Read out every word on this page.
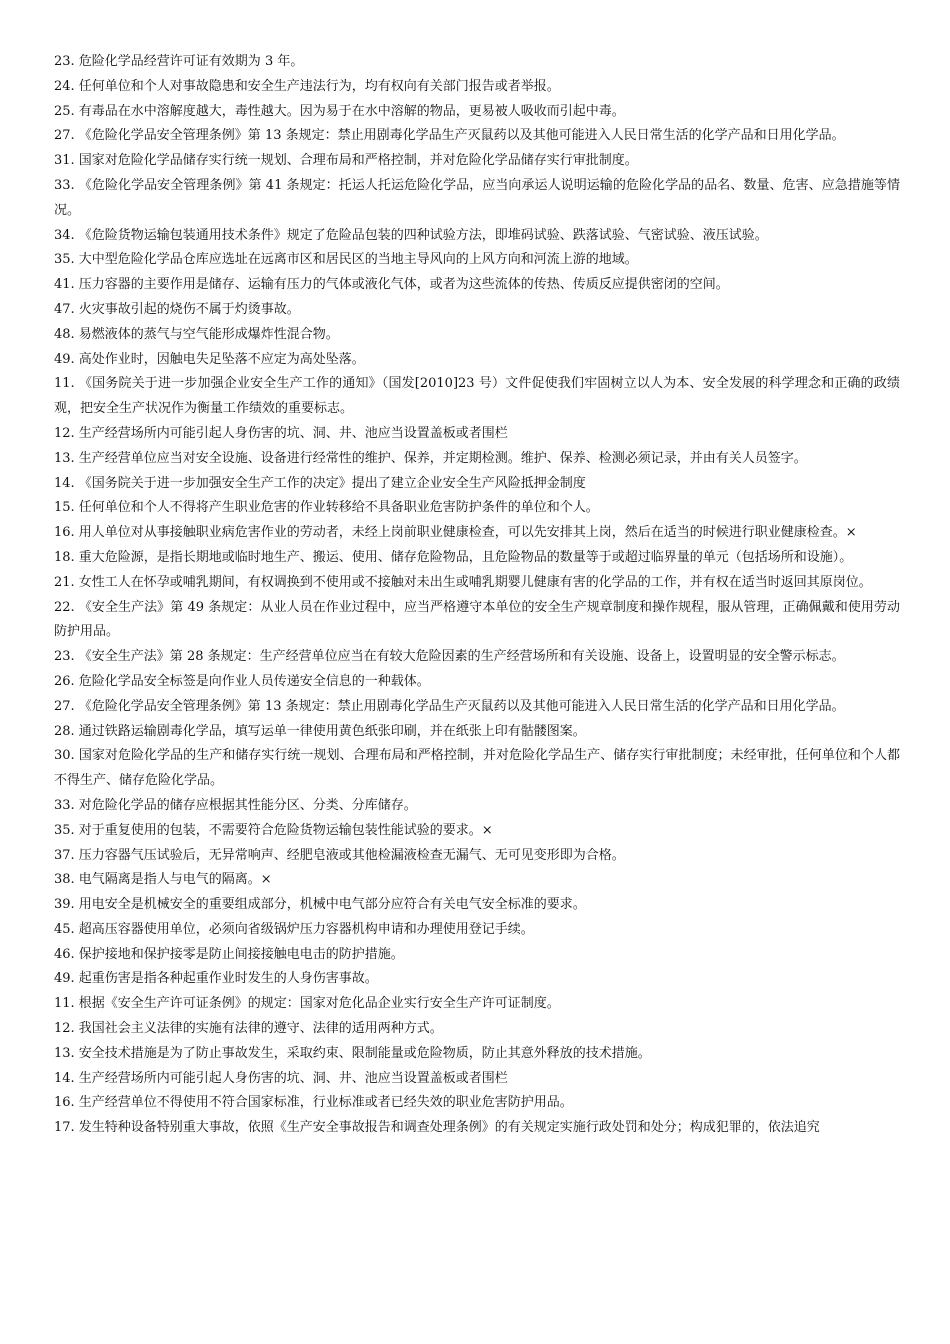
23. 危险化学品经营许可证有效期为 3 年。

24. 任何单位和个人对事故隐患和安全生产违法行为，均有权向有关部门报告或者举报。

25. 有毒品在水中溶解度越大，毒性越大。因为易于在水中溶解的物品，更易被人吸收而引起中毒。

27. 《危险化学品安全管理条例》第 13 条规定：禁止用剧毒化学品生产灭鼠药以及其他可能进入人民日常生活的化学产品和日用化学品。

31. 国家对危险化学品储存实行统一规划、合理布局和严格控制，并对危险化学品储存实行审批制度。

33. 《危险化学品安全管理条例》第 41 条规定：托运人托运危险化学品，应当向承运人说明运输的危险化学品的品名、数量、危害、应急措施等情况。

34. 《危险货物运输包装通用技术条件》规定了危险品包装的四种试验方法，即堆码试验、跌落试验、气密试验、液压试验。

35. 大中型危险化学品仓库应选址在远离市区和居民区的当地主导风向的上风方向和河流上游的地域。

41. 压力容器的主要作用是储存、运输有压力的气体或液化气体，或者为这些流体的传热、传质反应提供密闭的空间。

47. 火灾事故引起的烧伤不属于灼烫事故。

48. 易燃液体的蒸气与空气能形成爆炸性混合物。

49. 高处作业时，因触电失足坠落不应定为高处坠落。

11. 《国务院关于进一步加强企业安全生产工作的通知》（国发[2010]23 号）文件促使我们牢固树立以人为本、安全发展的科学理念和正确的政绩观，把安全生产状况作为衡量工作绩效的重要标志。

12. 生产经营场所内可能引起人身伤害的坑、洞、井、池应当设置盖板或者围栏

13. 生产经营单位应当对安全设施、设备进行经常性的维护、保养，并定期检测。维护、保养、检测必须记录，并由有关人员签字。

14. 《国务院关于进一步加强安全生产工作的决定》提出了建立企业安全生产风险抵押金制度

15. 任何单位和个人不得将产生职业危害的作业转移给不具备职业危害防护条件的单位和个人。

16. 用人单位对从事接触职业病危害作业的劳动者，未经上岗前职业健康检查，可以先安排其上岗，然后在适当的时候进行职业健康检查。×

18. 重大危险源，是指长期地或临时地生产、搬运、使用、储存危险物品，且危险物品的数量等于或超过临界量的单元（包括场所和设施）。

21. 女性工人在怀孕或哺乳期间，有权调换到不使用或不接触对未出生或哺乳期婴儿健康有害的化学品的工作，并有权在适当时返回其原岗位。

22. 《安全生产法》第 49 条规定：从业人员在作业过程中，应当严格遵守本单位的安全生产规章制度和操作规程，服从管理，正确佩戴和使用劳动防护用品。

23. 《安全生产法》第 28 条规定：生产经营单位应当在有较大危险因素的生产经营场所和有关设施、设备上，设置明显的安全警示标志。

26. 危险化学品安全标签是向作业人员传递安全信息的一种载体。

27. 《危险化学品安全管理条例》第 13 条规定：禁止用剧毒化学品生产灭鼠药以及其他可能进入人民日常生活的化学产品和日用化学品。

28. 通过铁路运输剧毒化学品，填写运单一律使用黄色纸张印刷，并在纸张上印有骷髅图案。

30. 国家对危险化学品的生产和储存实行统一规划、合理布局和严格控制，并对危险化学品生产、储存实行审批制度；未经审批，任何单位和个人都不得生产、储存危险化学品。

33. 对危险化学品的储存应根据其性能分区、分类、分库储存。

35. 对于重复使用的包装，不需要符合危险货物运输包装性能试验的要求。×

37. 压力容器气压试验后，无异常响声、经肥皂液或其他检漏液检查无漏气、无可见变形即为合格。

38. 电气隔离是指人与电气的隔离。×

39. 用电安全是机械安全的重要组成部分，机械中电气部分应符合有关电气安全标准的要求。

45. 超高压容器使用单位，必须向省级锅炉压力容器机构申请和办理使用登记手续。

46. 保护接地和保护接零是防止间接接触电电击的防护措施。

49. 起重伤害是指各种起重作业时发生的人身伤害事故。

11. 根据《安全生产许可证条例》的规定：国家对危化品企业实行安全生产许可证制度。

12. 我国社会主义法律的实施有法律的遵守、法律的适用两种方式。

13. 安全技术措施是为了防止事故发生，采取约束、限制能量或危险物质，防止其意外释放的技术措施。

14. 生产经营场所内可能引起人身伤害的坑、洞、井、池应当设置盖板或者围栏

16. 生产经营单位不得使用不符合国家标准，行业标准或者已经失效的职业危害防护用品。

17. 发生特种设备特别重大事故，依照《生产安全事故报告和调查处理条例》的有关规定实施行政处罚和处分；构成犯罪的，依法追究
